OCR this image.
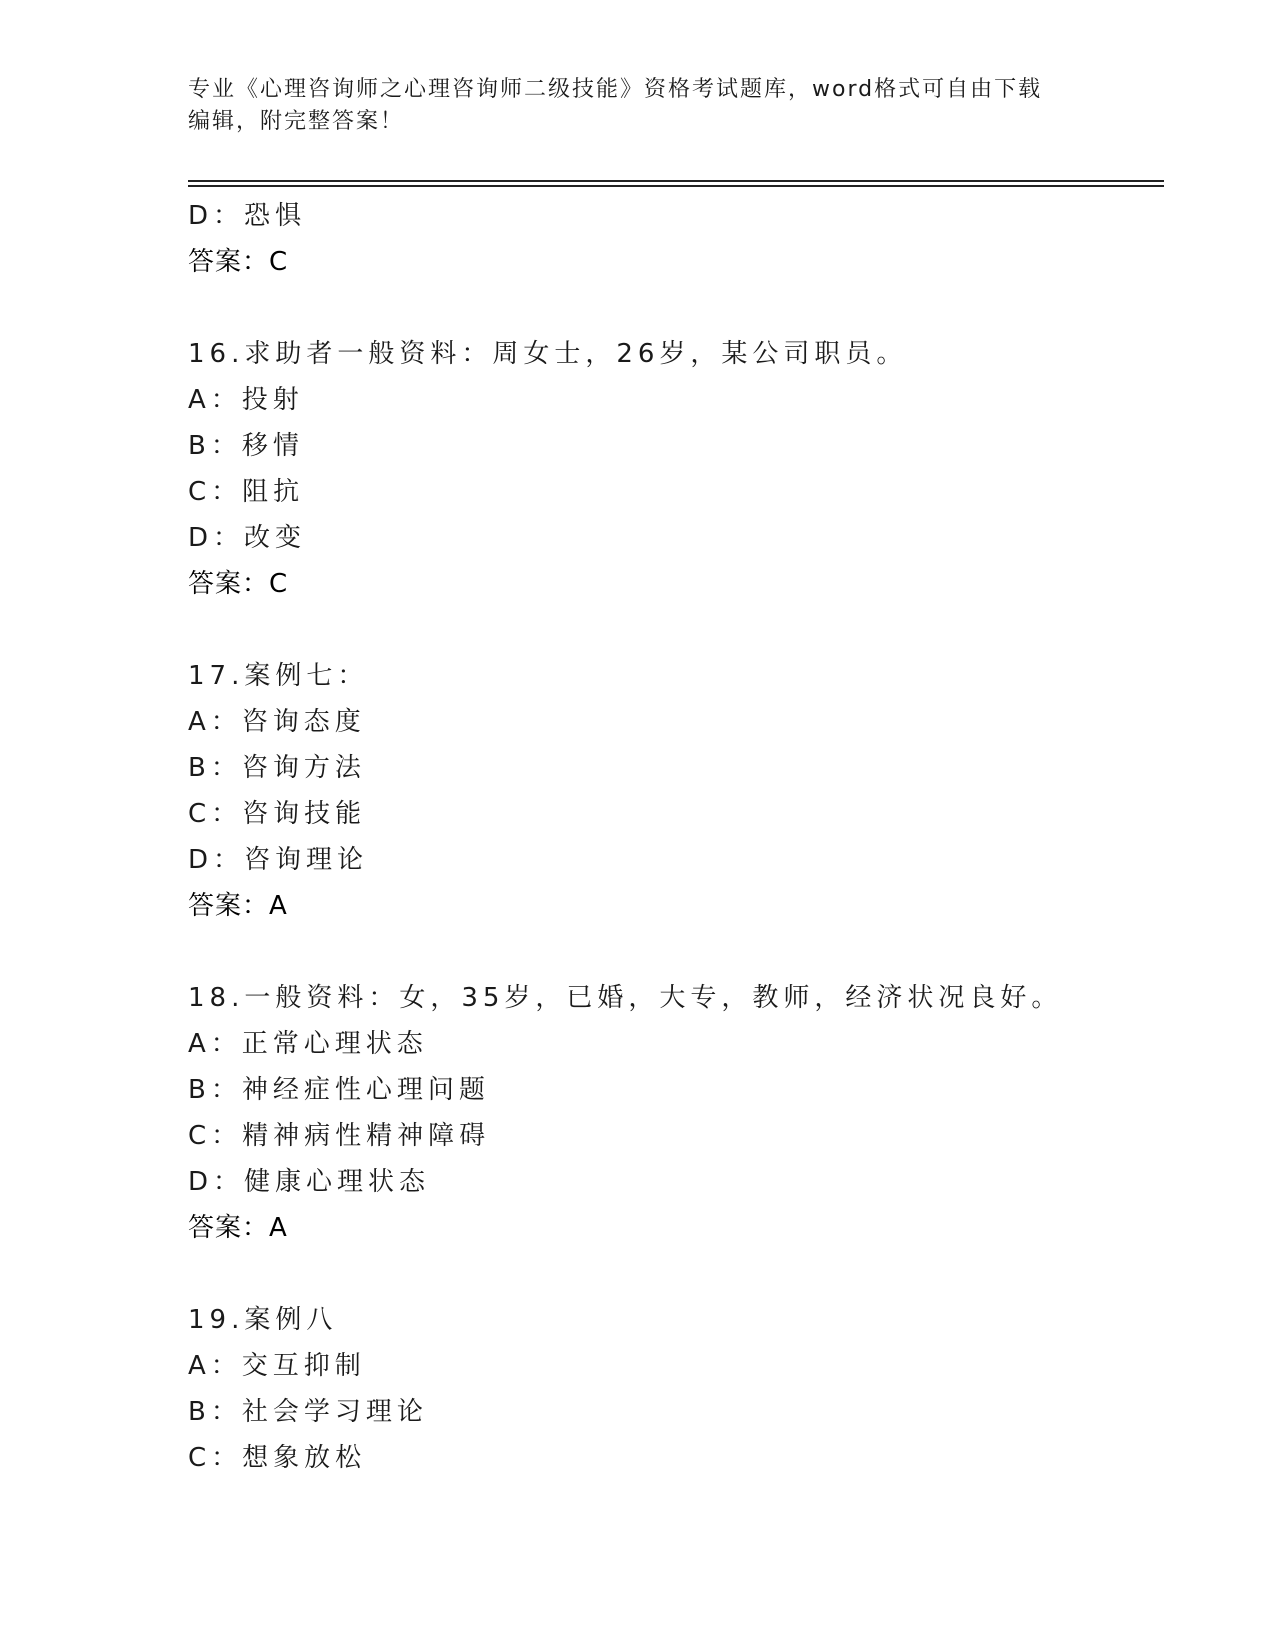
专业《心理咨询师之心理咨询师二级技能》资格考试题库，word格式可自由下载
编辑，附完整答案！
D：恐惧
答案：C
16.求助者一般资料：周女士，26岁，某公司职员。
A：投射
B：移情
C：阻抗
D：改变
答案：C
17.案例七：
A：咨询态度
B：咨询方法
C：咨询技能
D：咨询理论
答案：A
18.一般资料：女，35岁，已婚，大专，教师，经济状况良好。
A：正常心理状态
B：神经症性心理问题
C：精神病性精神障碍
D：健康心理状态
答案：A
19.案例八
A：交互抑制
B：社会学习理论
C：想象放松
